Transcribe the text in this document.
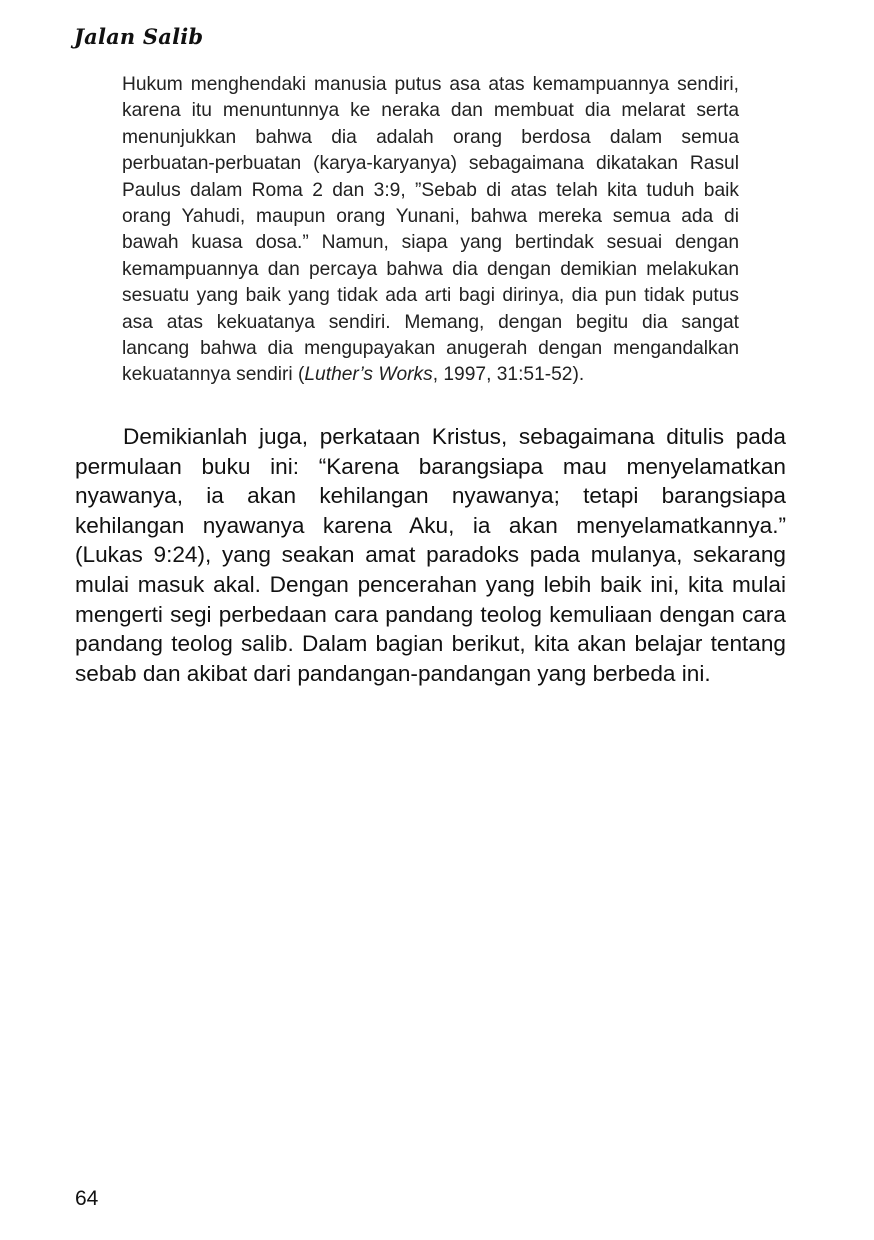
Jalan Salib

Hukum menghendaki manusia putus asa atas kemampuannya sendiri, karena itu menuntunnya ke neraka dan membuat dia melarat serta menunjukkan bahwa dia adalah orang berdosa dalam semua perbuatan-perbuatan (karya-karyanya) sebagaimana dikatakan Rasul Paulus dalam Roma 2 dan 3:9, ”Sebab di atas telah kita tuduh baik orang Yahudi, maupun orang Yunani, bahwa mereka semua ada di bawah kuasa dosa.” Namun, siapa yang bertindak sesuai dengan kemampuannya dan percaya bahwa dia dengan demikian melakukan sesuatu yang baik yang tidak ada arti bagi dirinya, dia pun tidak putus asa atas kekuatanya sendiri. Memang, dengan begitu dia sangat lancang bahwa dia mengupayakan anugerah dengan mengandalkan kekuatannya sendiri (Luther’s Works, 1997, 31:51-52).

Demikianlah juga, perkataan Kristus, sebagaimana ditulis pada permulaan buku ini: “Karena barangsiapa mau menyelamatkan nyawanya, ia akan kehilangan nyawanya; tetapi barangsiapa kehilangan nyawanya karena Aku, ia akan menyelamatkannya.” (Lukas 9:24), yang seakan amat paradoks pada mulanya, sekarang mulai masuk akal. Dengan pencerahan yang lebih baik ini, kita mulai mengerti segi perbedaan cara pandang teolog kemuliaan dengan cara pandang teolog salib. Dalam bagian berikut, kita akan belajar tentang sebab dan akibat dari pandangan-pandangan yang berbeda ini.

64
